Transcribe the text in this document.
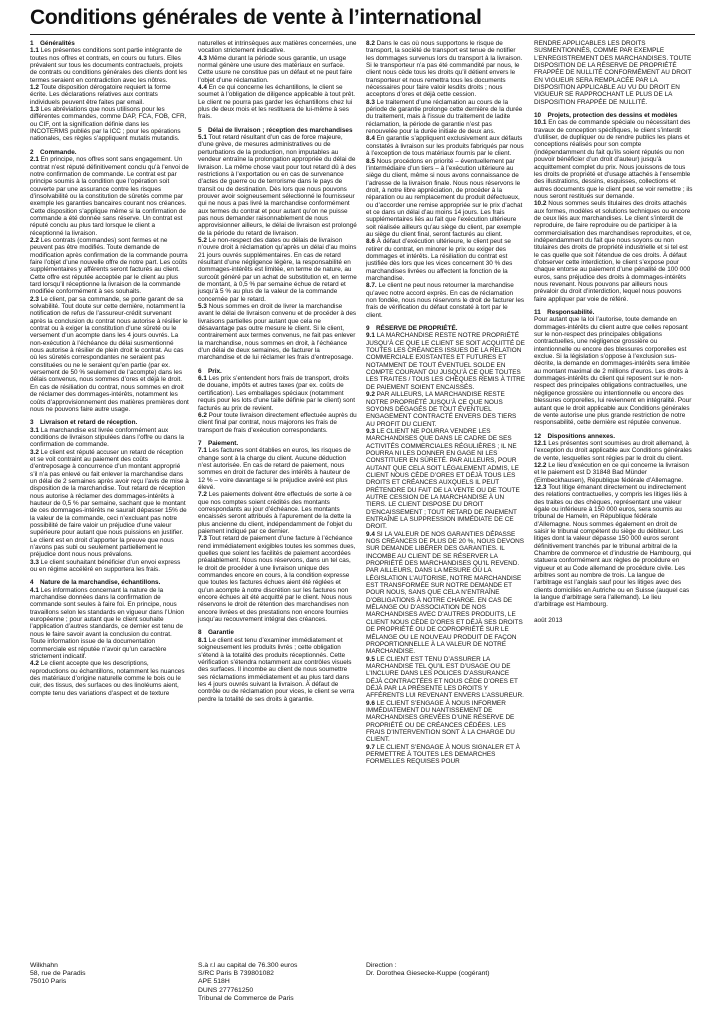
Conditions générales de vente à l’international
1 Généralités

1.1 Les présentes conditions sont partie intégrante de toutes nos offres et contrats, en cours ou futurs. Elles prévalent sur tous les documents contractuels, projets de contrats ou conditions générales des clients dont les termes seraient en contradiction avec les nôtres.

1.2 Toute disposition dérogatoire requiert la forme écrite. Les déclarations relatives aux contrats individuels peuvent être faites par email.

1.3 Les abréviations que nous utilisons pour les différentes commandes, comme DAP, FCA, FOB, CFR, ou CIF, ont la signification définie dans les INCOTERMS publiés par la ICC ; pour les opérations nationales, ces règles s’appliquent mutatis mutandis.

2 Commande.

2.1 En principe, nos offres sont sans engagement. Un contrat n’est réputé définitivement conclu qu’à l’envoi de notre confirmation de commande. Le contrat est par principe soumis à la condition que l’opération soit couverte par une assurance contre les risques d’insolvabilité ou la constitution de sûretés comme par exemple les garanties bancaires courant nos créances. Cette disposition s’applique même si la confirmation de commande a été donnée sans réserve. Un contrat est réputé conclu au plus tard lorsque le client a réceptionné la livraison.

2.2 Les contrats (commandes) sont fermes et ne peuvent pas être modifiés. Toute demande de modification après confirmation de la commande pourra faire l’objet d’une nouvelle offre de notre part. Les coûts supplémentaires y afférents seront facturés au client. Cette offre est réputée acceptée par le client au plus tard lorsqu’il réceptionne la livraison de la commande modifiée conformément à ses souhaits.

2.3 Le client, par sa commande, se porte garant de sa solvabilité. Tout doute sur cette dernière, notamment la notification de refus de l’assureur-crédit survenant après la conclusion du contrat nous autorise à résilier le contrat ou à exiger la constitution d’une sûreté ou le versement d’un acompte dans les 4 jours ouvrés. La non-exécution à l’échéance du délai susmentionné nous autorise à résilier de plein droit le contrat. Au cas où les sûretés correspondantes ne seraient pas constituées ou ne le seraient qu’en partie (par ex. versement de 50 % seulement de l’acompte) dans les délais convenus, nous sommes d’ores et déjà le droit. En cas de résiliation du contrat, nous sommes en droit de réclamer des dommages-intérêts, notamment les coûts d’approvisionnement des matières premières dont nous ne pouvons faire autre usage.

3 Livraison et retard de réception.

3.1 La marchandise est livrée conformément aux conditions de livraison stipulées dans l’offre ou dans la confirmation de commande.

3.2 Le client est réputé accuser un retard de réception et se voit contraint au paiement des coûts d’entreposage à concurrence d’un montant approprié s’il n’a pas enlevé ou fait enlever la marchandise dans un délai de 2 semaines après avoir reçu l’avis de mise à disposition de la marchandise. Tout retard de réception nous autorise à réclamer des dommages-intérêts à hauteur de 0,5 % par semaine, sachant que le montant de ces dommages-intérêts ne saurait dépasser 15% de la valeur de la commande, ceci n’excluant pas notre possibilité de faire valoir un préjudice d’une valeur supérieure pour autant que nous puissions en justifier. Le client est en droit d’apporter la preuve que nous n’avons pas subi ou seulement partiellement le préjudice dont nous nous prévalons.

3.3 Le client souhaitant bénéficier d’un envoi express ou en régime accéléré en supportera les frais.

4 Nature de la marchandise, échantillons.

4.1 Les informations concernant la nature de la marchandise données dans la confirmation de commande sont seules à faire foi. En principe, nous travaillons selon les standards en vigueur dans l’Union européenne ; pour autant que le client souhaite l’application d’autres standards, ce dernier est tenu de nous le faire savoir avant la conclusion du contrat. Toute information issue de la documentation commerciale est réputée n’avoir qu’un caractère strictement indicatif.

4.2 Le client accepte que les descriptions, reproductions ou échantillons, notamment les nuances des matériaux d’origine naturelle comme le bois ou le cuir, des tissus, des surfaces ou des linoléums aient, compte tenu des variations d’aspect et de texture

naturelles et intrinsèques aux matières concernées, une vocation strictement indicative.

4.3 Même durant la période sous garantie, un usage normal génère une usure des matériaux en surface. Cette usure ne constitue pas un défaut et ne peut faire l’objet d’une réclamation.

4.4 En ce qui concerne les échantillons, le client se soumet à l’obligation de diligence applicable à tout prêt. Le client ne pourra pas garder les échantillons chez lui plus de deux mois et les restituera de lui-même à ses frais.

5 Délai de livraison ; réception des marchandises

5.1 Tout retard résultant d’un cas de force majeure, d’une grève, de mesures administratives ou de perturbations de la production, non imputables au vendeur entraîne la prolongation appropriée du délai de livraison. La même chose vaut pour tout retard dû à des restrictions à l’exportation ou en cas de survenance d’actes de guerre ou de terrorisme dans le pays de transit ou de destination. Dès lors que nous pouvons prouver avoir soigneusement sélectionné le fournisseur qui ne nous a pas livré la marchandise conformément aux termes du contrat et pour autant qu’on ne puisse pas nous demander raisonnablement de nous approvisionner ailleurs, le délai de livraison est prolongé de la période du retard de livraison.

5.2 Le non-respect des dates ou délais de livraison n’ouvre droit à réclamation qu’après un délai d’au moins 21 jours ouvrés supplémentaires. En cas de retard résultant d’une négligence légère, la responsabilité en dommages-intérêts est limitée, en terme de nature, au surcoût généré par un achat de substitution et, en terme de montant, à 0,5 % par semaine échue de retard et jusqu’à 5 % au plus de la valeur de la commande concernée par le retard.

5.3 Nous sommes en droit de livrer la marchandise avant le délai de livraison convenu et de procéder à des livraisons partielles pour autant que cela ne désavantage pas outre mesure le client. Si le client, contrairement aux termes convenus, ne fait pas enlever la marchandise, nous sommes en droit, à l’échéance d’un délai de deux semaines, de facturer la marchandise et de lui réclamer les frais d’entreposage.

6 Prix.

6.1 Les prix s’entendent hors frais de transport, droits de douane, impôts et autres taxes (par ex. coûts de certification). Les emballages spéciaux (notamment requis pour les lots d’une taille définie par le client) sont facturés au prix de revient.

6.2 Pour toute livraison directement effectuée auprès du client final par contrat, nous majorons les frais de transport de frais d’exécution correspondants.

7 Paiement.

7.1 Les factures sont établies en euros, les risques de change sont à la charge du client. Aucune déduction n’est autorisée. En cas de retard de paiement, nous sommes en droit de facturer des intérêts à hauteur de 12 % – voire davantage si le préjudice avéré est plus élevé.

7.2 Les paiements doivent être effectués de sorte à ce que nos comptes soient crédités des montants correspondants au jour d’échéance. Les montants encaissés seront attribués à l’apurement de la dette la plus ancienne du client, indépendamment de l’objet du paiement indiqué par ce dernier.

7.3 Tout retard de paiement d’une facture à l’échéance rend immédiatement exigibles toutes les sommes dues, quelles que soient les facilités de paiement accordées préalablement. Nous nous réservons, dans un tel cas, le droit de procéder à une livraison unique des commandes encore en cours, à la condition expresse que toutes les factures échues aient été réglées et qu’un acompte à notre discrétion sur les factures non encore échues ait été acquitté par le client. Nous nous réservons le droit de rétention des marchandises non encore livrées et des prestations non encore fournies jusqu’au recouvrement intégral des créances.

8 Garantie

8.1 Le client est tenu d’examiner immédiatement et soigneusement les produits livrés ; cette obligation s’étend à la totalité des produits réceptionnés. Cette vérification s’étendra notamment aux contrôles visuels des surfaces. Il incombe au client de nous soumettre ses réclamations immédiatement et au plus tard dans les 4 jours ouvrés suivant la livraison. À défaut de contrôle ou de réclamation pour vices, le client se verra perdre la totalité de ses droits à garantie.

8.2 Dans le cas où nous supportons le risque de transport, la société de transport est tenue de notifier les dommages survenus lors du transport à la livraison. Si le transporteur n’a pas été commandité par nous, le client nous cède tous les droits qu’il détient envers le transporteur et nous remettra tous les documents nécessaires pour faire valoir lesdits droits ; nous acceptons d’ores et déjà cette cession.

8.3 Le traitement d’une réclamation au cours de la période de garantie prolonge cette dernière de la durée du traitement, mais à l’issue du traitement de ladite réclamation, la période de garantie n’est pas renouvelée pour la durée initiale de deux ans.

8.4 En garantie s’appliquent exclusivement aux défauts constatés à livraison sur les produits fabriqués par nous à l’exception de tous matériaux fournis par le client.

8.5 Nous procédons en priorité – éventuellement par l’intermédiaire d’un tiers – à l’exécution ultérieure au siège du client, même si nous avons connaissance de l’adresse de la livraison finale. Nous nous réservons le droit, à notre libre appréciation, de procéder à la réparation ou au remplacement du produit défectueux, ou d’accorder une remise appropriée sur le prix d’achat et ce dans un délai d’au moins 14 jours. Les frais supplémentaires liés au fait que l’exécution ultérieure soit réalisée ailleurs qu’au siège du client, par exemple au siège du client final, seront facturés au client.

8.6 À défaut d’exécution ultérieure, le client peut se retirer du contrat, en minorer le prix ou exiger des dommages et intérêts. La résiliation du contrat est justifiée dès lors que les vices concernent 30 % des marchandises livrées ou affectent la fonction de la marchandise.

8.7. Le client ne peut nous retourner la marchandise qu’avec notre accord exprès. En cas de réclamation non fondée, nous nous réservons le droit de facturer les frais de vérification du défaut constaté à tort par le client.

9 RÉSERVE DE PROPRIÉTÉ.

9.1 LA MARCHANDISE RESTE NOTRE PROPRIÉTÉ JUSQU’À CE QUE LE CLIENT SE SOIT ACQUITTÉ DE TOUTES LES CRÉANCES ISSUES DE LA RELATION COMMERCIALE EXISTANTES ET FUTURES ET NOTAMMENT DE TOUT ÉVENTUEL SOLDE EN COMPTE COURANT OU JUSQU’À CE QUE TOUTES LES TRAITES / TOUS LES CHÈQUES REMIS À TITRE DE PAIEMENT SOIENT ENCAISSÉS.

9.2 PAR AILLEURS, LA MARCHANDISE RESTE NOTRE PROPRIÉTÉ JUSQU’À CE QUE NOUS SOYONS DÉGAGÉS DE TOUT ÉVENTUEL ENGAGEMENT CONTRACTÉ ENVERS DES TIERS AU PROFIT DU CLIENT.

9.3 LE CLIENT NE POURRA VENDRE LES MARCHANDISES QUE DANS LE CADRE DE SES ACTIVITÉS COMMERCIALES RÉGULIÈRES ; IL NE POURRA NI LES DONNER EN GAGE NI LES CONSTITUER EN SÛRETÉ. PAR AILLEURS, POUR AUTANT QUE CELA SOIT LÉGALEMENT ADMIS, LE CLIENT NOUS CÈDE D’ORES ET DÉJÀ TOUS LES DROITS ET CRÉANCES AUXQUELS IL PEUT PRÉTENDRE DU FAIT DE LA VENTE OU DE TOUTE AUTRE CESSION DE LA MARCHANDISE À UN TIERS. LE CLIENT DISPOSE DU DROIT D’ENCAISSEMENT ; TOUT RETARD DE PAIEMENT ENTRAÎNE LA SUPPRESSION IMMÉDIATE DE CE DROIT.

9.4 SI LA VALEUR DE NOS GARANTIES DÉPASSE NOS CRÉANCES DE PLUS DE 20 %, NOUS DEVONS SUR DEMANDE LIBÉRER DES GARANTIES. IL INCOMBE AU CLIENT DE SE RÉSERVER LA PROPRIÉTÉ DES MARCHANDISES QU’IL REVEND. PAR AILLEURS, DANS LA MESURE OÙ LA LÉGISLATION L’AUTORISE, NOTRE MARCHANDISE EST TRANSFORMÉE SUR NOTRE DEMANDE ET POUR NOUS, SANS QUE CELA N’ENTRAÎNE D’OBLIGATIONS À NOTRE CHARGE. EN CAS DE MÉLANGE OU D’ASSOCIATION DE NOS MARCHANDISES AVEC D’AUTRES PRODUITS, LE CLIENT NOUS CÈDE D’ORES ET DÉJÀ SES DROITS DE PROPRIÉTÉ OU DE COPROPRIÉTÉ SUR LE MÉLANGE OU LE NOUVEAU PRODUIT DE FAÇON PROPORTIONNELLE À LA VALEUR DE NOTRE MARCHANDISE.

9.5 LE CLIENT EST TENU D’ASSURER LA MARCHANDISE TEL QU’IL EST D’USAGE OU DE L’INCLURE DANS LES POLICES D’ASSURANCE DÉJÀ CONTRACTÉES ET NOUS CÈDE D’ORES ET DÉJÀ PAR LA PRÉSENTE LES DROITS Y AFFÉRENTS LUI REVENANT ENVERS L’ASSUREUR.

9.6 LE CLIENT S’ENGAGE À NOUS INFORMER IMMÉDIATEMENT DU NANTISSEMENT DE MARCHANDISES GREVÉES D’UNE RÉSERVE DE PROPRIÉTÉ OU DE CRÉANCES CÉDÉES. LES FRAIS D’INTERVENTION SONT À LA CHARGE DU CLIENT.

9.7 LE CLIENT S’ENGAGE À NOUS SIGNALER ET À PERMETTRE À TOUTES LES DEMARCHES FORMELLES REQUISES POUR

RENDRE APPLICABLES LES DROITS SUSMENTIONNÉS, COMME PAR EXEMPLE L’ENREGISTREMENT DES MARCHANDISES. TOUTE DISPOSITION DE LA RÉSERVE DE PROPRIÉTÉ FRAPPÉE DE NULLITÉ CONFORMÉMENT AU DROIT EN VIGUEUR SERA REMPLACÉE PAR LA DISPOSITION APPLICABLE AU VU DU DROIT EN VIGUEUR SE RAPPROCHANT LE PLUS DE LA DISPOSITION FRAPPÉE DE NULLITÉ.

10 Projets, protection des dessins et modèles

10.1 En cas de commande spéciale ou nécessitant des travaux de conception spécifiques, le client s’interdit d’utiliser, de dupliquer ou de rendre publics les plans et conceptions réalisés pour son compte (indépendamment du fait qu’ils soient réputés ou non pouvoir bénéficier d’un droit d’auteur) jusqu’à acquittement complet du prix. Nous jouissons de tous les droits de propriété et d’usage attachés à l’ensemble des illustrations, dessins, esquisses, collections et autres documents que le client peut se voir remettre ; ils nous seront restitués sur demande.

10.2 Nous sommes seuls titulaires des droits attachés aux formes, modèles et solutions techniques ou encore de ceux liés aux marchandises. Le client s’interdit de reproduire, de faire reproduire ou de participer à la commercialisation des marchandises reproduites, et ce, indépendamment du fait que nous soyons ou non titulaires des droits de propriété industrielle et si tel est le cas quelle que soit l’étendue de ces droits. À défaut d’observer cette interdiction, le client s’expose pour chaque entorse au paiement d’une pénalité de 100 000 euros, sans préjudice des droits à dommages-intérêts nous revenant. Nous pouvons par ailleurs nous prévaloir du droit d’interdiction, lequel nous pouvons faire appliquer par voie de référé.

11 Responsabilité.

Pour autant que la loi l’autorise, toute demande en dommages-intérêts du client autre que celles reposant sur le non-respect des principales obligations contractuelles, une négligence grossière ou intentionnelle ou encore des blessures corporelles est exclue. Si la législation s’oppose à l’exclusion sus-décrite, la demande en dommages-intérêts sera limitée au montant maximal de 2 millions d’euros. Les droits à dommages-intérêts du client qui reposent sur le non-respect des principales obligations contractuelles, une négligence grossière ou intentionnelle ou encore des blessures corporelles, lui reviennent en intégralité. Pour autant que le droit applicable aux Conditions générales de vente autorise une plus grande restriction de notre responsabilité, cette dernière est réputée convenue.

12 Dispositions annexes.

12.1 Les présentes sont soumises au droit allemand, à l’exception du droit applicable aux Conditions générales de vente, lesquelles sont régies par le droit du client.

12.2 Le lieu d’exécution en ce qui concerne la livraison et le paiement est D 31848 Bad Münder (Eimbeckhausen), République fédérale d’Allemagne.

12.3 Tout litige émanant directement ou indirectement des relations contractuelles, y compris les litiges liés à des traites ou des chèques, représentant une valeur égale ou inférieure à 150 000 euros, sera soumis au tribunal de Hameln, en République fédérale d’Allemagne. Nous sommes également en droit de saisir le tribunal compétent du siège du débiteur. Les litiges dont la valeur dépasse 150 000 euros seront définitivement tranchés par le tribunal arbitral de la Chambre de commerce et d’industrie de Hambourg, qui statuera conformément aux règles de procédure en vigueur et au Code allemand de procédure civile. Les arbitres sont au nombre de trois. La langue de l’arbitrage est l’anglais sauf pour les litiges avec des clients domiciliés en Autriche ou en Suisse (auquel cas la langue d’arbitrage sera l’allemand). Le lieu d’arbitrage est Hambourg.

août 2013
Wilkhahn
58, rue de Paradis
75010 Paris
S.à r.l au capital de 76.300 euros
S/RC Paris B 739801082
APE 518H
DUNS 277761250
Tribunal de Commerce de Paris
Direction :
Dr. Dorothea Giesecke-Kuppe (cogérant)
